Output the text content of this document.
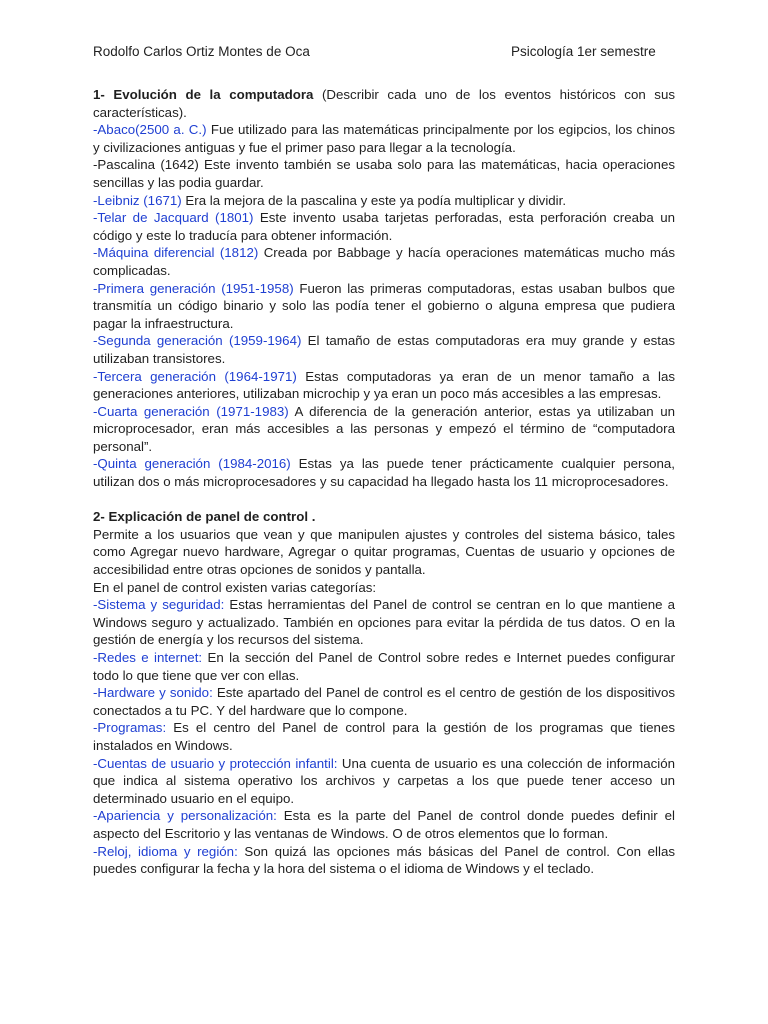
Rodolfo Carlos Ortiz Montes de Oca	Psicología 1er semestre

1- Evolución de la computadora (Describir cada uno de los eventos históricos con sus características).

-Abaco(2500 a. C.) Fue utilizado para las matemáticas principalmente por los egipcios, los chinos y civilizaciones antiguas y fue el primer paso para llegar a la tecnología.

-Pascalina (1642) Este invento también se usaba solo para las matemáticas, hacia operaciones sencillas y las podia guardar.

-Leibniz (1671) Era la mejora de la pascalina y este ya podía multiplicar y dividir.

-Telar de Jacquard (1801) Este invento usaba tarjetas perforadas, esta perforación creaba un código y este lo traducía para obtener información.

-Máquina diferencial (1812) Creada por Babbage y hacía operaciones matemáticas mucho más complicadas.

-Primera generación (1951-1958) Fueron las primeras computadoras, estas usaban bulbos que transmitía un código binario y solo las podía tener el gobierno o alguna empresa que pudiera pagar la infraestructura.

-Segunda generación (1959-1964) El tamaño de estas computadoras era muy grande y estas utilizaban transistores.

-Tercera generación (1964-1971) Estas computadoras ya eran de un menor tamaño a las generaciones anteriores, utilizaban microchip y ya eran un poco más accesibles a las empresas.

-Cuarta generación (1971-1983) A diferencia de la generación anterior, estas ya utilizaban un microprocesador, eran más accesibles a las personas y empezó el término de “computadora personal”.

-Quinta generación (1984-2016) Estas ya las puede tener prácticamente cualquier persona, utilizan dos o más microprocesadores y su capacidad ha llegado hasta los 11 microprocesadores.

2- Explicación de panel de control .

Permite a los usuarios que vean y que manipulen ajustes y controles del sistema básico, tales como Agregar nuevo hardware, Agregar o quitar programas, Cuentas de usuario y opciones de accesibilidad entre otras opciones de sonidos y pantalla.

En el panel de control existen varias categorías:

-Sistema y seguridad: Estas herramientas del Panel de control se centran en lo que mantiene a Windows seguro y actualizado. También en opciones para evitar la pérdida de tus datos. O en la gestión de energía y los recursos del sistema.

-Redes e internet: En la sección del Panel de Control sobre redes e Internet puedes configurar todo lo que tiene que ver con ellas.

-Hardware y sonido: Este apartado del Panel de control es el centro de gestión de los dispositivos conectados a tu PC. Y del hardware que lo compone.

-Programas: Es el centro del Panel de control para la gestión de los programas que tienes instalados en Windows.

-Cuentas de usuario y protección infantil: Una cuenta de usuario es una colección de información que indica al sistema operativo los archivos y carpetas a los que puede tener acceso un determinado usuario en el equipo.

-Apariencia y personalización: Esta es la parte del Panel de control donde puedes definir el aspecto del Escritorio y las ventanas de Windows. O de otros elementos que lo forman.

-Reloj, idioma y región: Son quizá las opciones más básicas del Panel de control. Con ellas puedes configurar la fecha y la hora del sistema o el idioma de Windows y el teclado.
